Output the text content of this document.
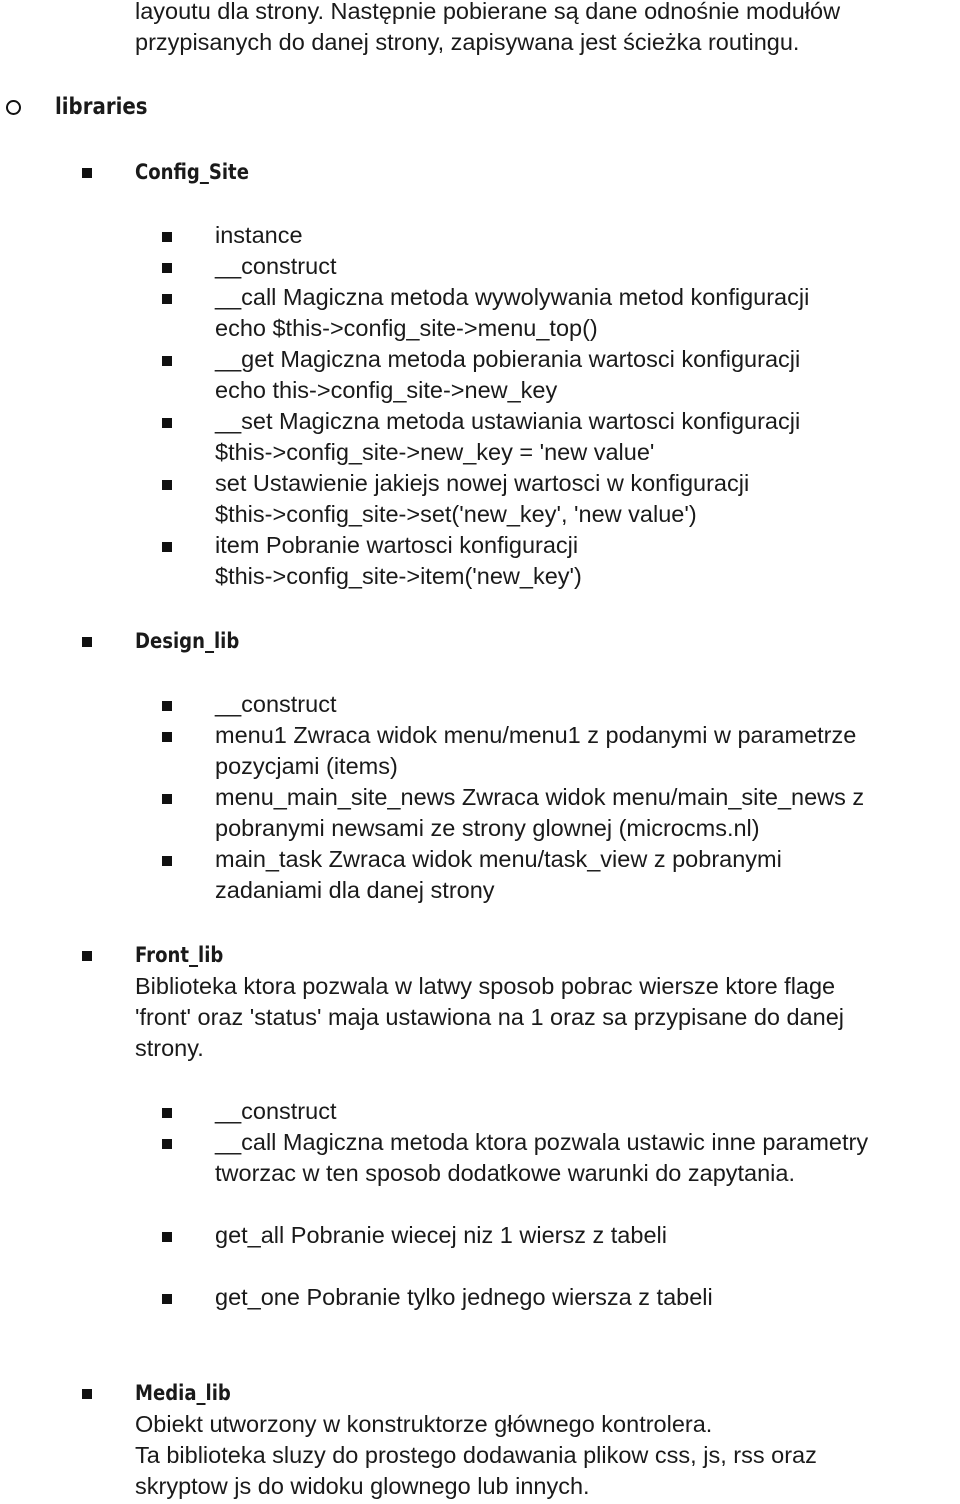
layoutu dla strony. Następnie pobierane są dane odnośnie modułów
przypisanych do danej strony, zapisywana jest ścieżka routingu.
libraries
Config_Site
instance
__construct
__call Magiczna metoda wywolywania metod konfiguracji
echo $this->config_site->menu_top()
__get Magiczna metoda pobierania wartosci konfiguracji
echo this->config_site->new_key
__set Magiczna metoda ustawiania wartosci konfiguracji
$this->config_site->new_key = 'new value'
set Ustawienie jakiejs nowej wartosci w konfiguracji
$this->config_site->set('new_key', 'new value')
item Pobranie wartosci konfiguracji
$this->config_site->item('new_key')
Design_lib
__construct
menu1 Zwraca widok menu/menu1 z podanymi w parametrze
pozycjami (items)
menu_main_site_news Zwraca widok menu/main_site_news z
pobranymi newsami ze strony glownej (microcms.nl)
main_task Zwraca widok menu/task_view z pobranymi
zadaniami dla danej strony
Front_lib
Biblioteka ktora pozwala w latwy sposob pobrac wiersze ktore flage
'front' oraz 'status' maja ustawiona na 1 oraz sa przypisane do danej
strony.
__construct
__call Magiczna metoda ktora pozwala ustawic inne parametry
tworzac w ten sposob dodatkowe warunki do zapytania.
get_all Pobranie wiecej niz 1 wiersz z tabeli
get_one Pobranie tylko jednego wiersza z tabeli
Media_lib
Obiekt utworzony w konstruktorze głównego kontrolera.
Ta biblioteka sluzy do prostego dodawania plikow css, js, rss oraz
skryptow js do widoku glownego lub innych.
